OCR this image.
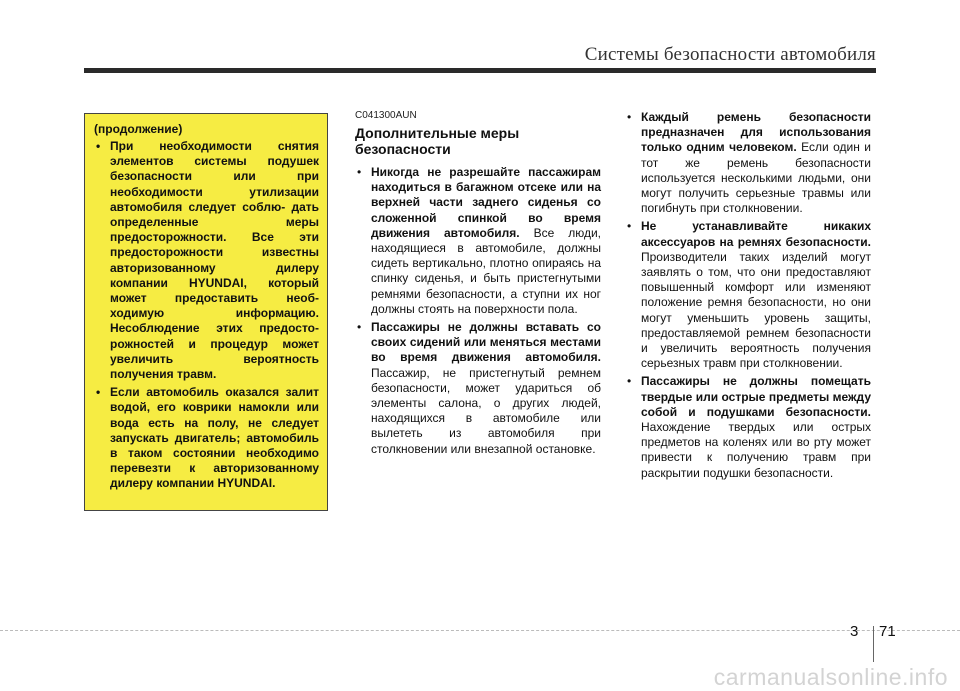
Системы безопасности автомобиля
(продолжение)
• При необходимости снятия элементов системы подушек безопасности или при необходимости утилизации автомобиля следует соблю- дать определенные меры предосторожности. Все эти предосторожности известны авторизованному дилеру компании HYUNDAI, который может предоставить необ- ходимую информацию. Несоблюдение этих предосто- рожностей и процедур может увеличить вероятность получения травм.
• Если автомобиль оказался залит водой, его коврики намокли или вода есть на полу, не следует запускать двигатель; автомобиль в таком состоянии необходимо перевезти к авторизованному дилеру компании HYUNDAI.
C041300AUN
Дополнительные меры безопасности
• Никогда не разрешайте пассажирам находиться в багажном отсеке или на верхней части заднего сиденья со сложенной спинкой во время движения автомобиля. Все люди, находящиеся в автомобиле, должны сидеть вертикально, плотно опираясь на спинку сиденья, и быть пристегнутыми ремнями безопасности, а ступни их ног должны стоять на поверхности пола.
• Пассажиры не должны вставать со своих сидений или меняться местами во время движения автомобиля. Пассажир, не пристегнутый ремнем безопасности, может удариться об элементы салона, о других людей, находящихся в автомобиле или вылететь из автомобиля при столкновении или внезапной остановке.
• Каждый ремень безопасности предназначен для использования только одним человеком. Если один и тот же ремень безопасности используется несколькими людьми, они могут получить серьезные травмы или погибнуть при столкновении.
• Не устанавливайте никаких аксессуаров на ремнях безопасности. Производители таких изделий могут заявлять о том, что они предоставляют повышенный комфорт или изменяют положение ремня безопасности, но они могут уменьшить уровень защиты, предоставляемой ремнем безопасности и увеличить вероятность получения серьезных травм при столкновении.
• Пассажиры не должны помещать твердые или острые предметы между собой и подушками безопасности. Нахождение твердых или острых предметов на коленях или во рту может привести к получению травм при раскрытии подушки безопасности.
3 71
carmanualsonline.info
